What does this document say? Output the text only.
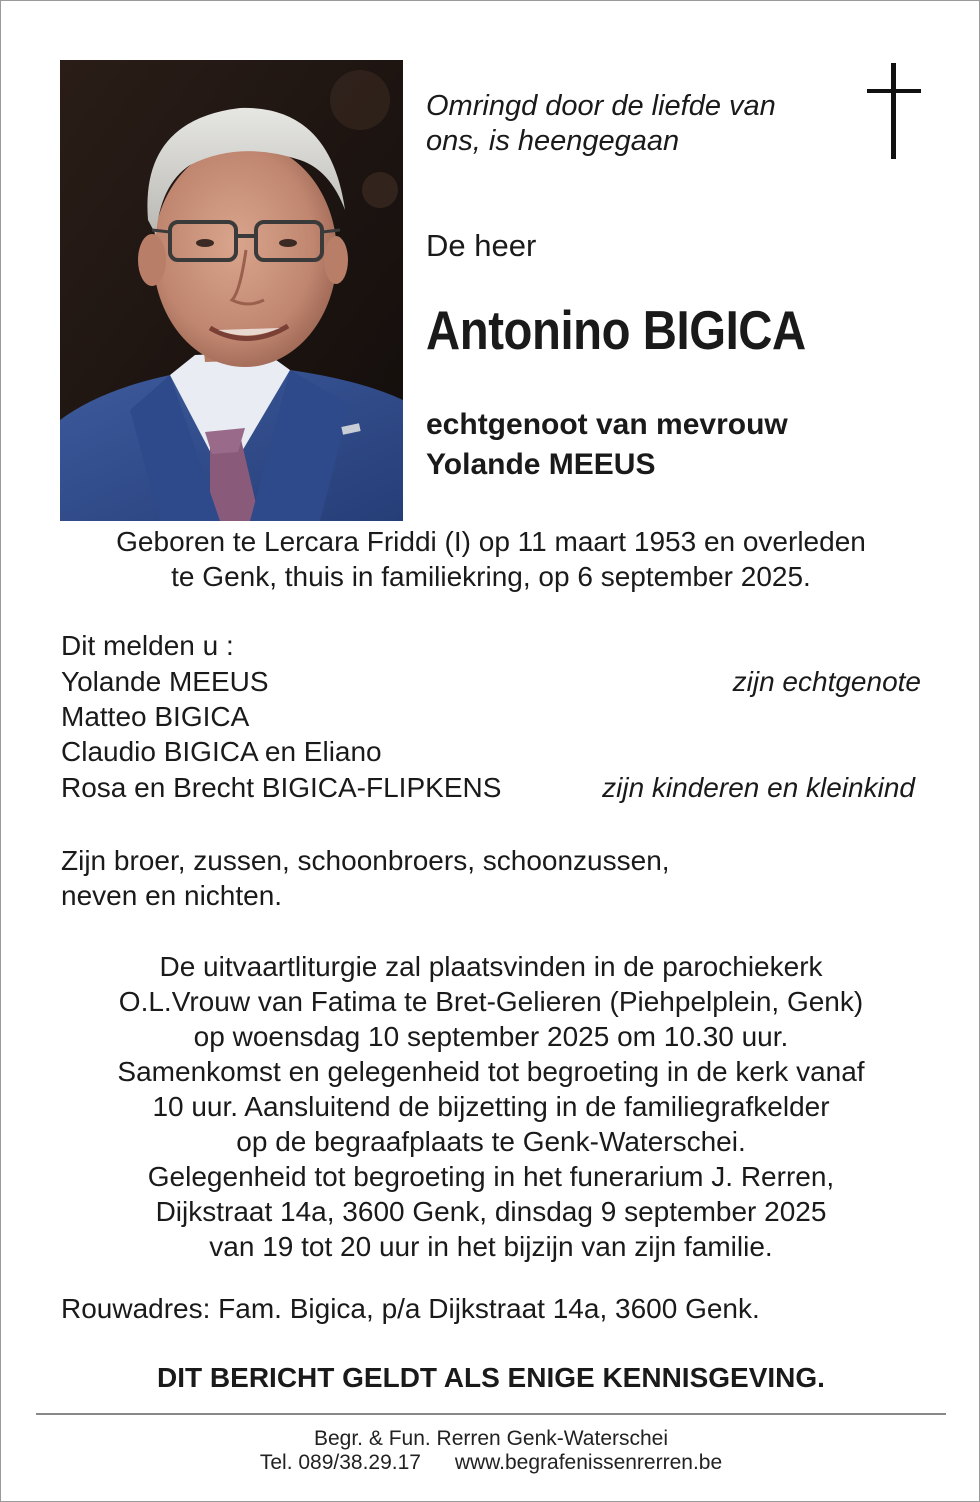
Omringd door de liefde van
ons, is heengegaan
De heer
Antonino BIGICA
echtgenoot van mevrouw
Yolande MEEUS
Geboren te Lercara Friddi (I) op 11 maart 1953 en overleden
te Genk, thuis in familiekring, op 6 september 2025.
Dit melden u :
Yolande MEEUS	zijn echtgenote
Matteo BIGICA
Claudio BIGICA en Eliano
Rosa en Brecht BIGICA-FLIPKENS	zijn kinderen en kleinkind
Zijn broer, zussen, schoonbroers, schoonzussen,
neven en nichten.
De uitvaartliturgie zal plaatsvinden in de parochiekerk
O.L.Vrouw van Fatima te Bret-Gelieren (Piehpelplein, Genk)
op woensdag 10 september 2025 om 10.30 uur.
Samenkomst en gelegenheid tot begroeting in de kerk vanaf
10 uur. Aansluitend de bijzetting in de familiegrafkelder
op de begraafplaats te Genk-Waterschei.
Gelegenheid tot begroeting in het funerarium J. Rerren,
Dijkstraat 14a, 3600 Genk, dinsdag 9 september 2025
van 19 tot 20 uur in het bijzijn van zijn familie.
Rouwadres: Fam. Bigica, p/a Dijkstraat 14a, 3600 Genk.
DIT BERICHT GELDT ALS ENIGE KENNISGEVING.
Begr. & Fun. Rerren Genk-Waterschei
Tel. 089/38.29.17 www.begrafenissenrerren.be
